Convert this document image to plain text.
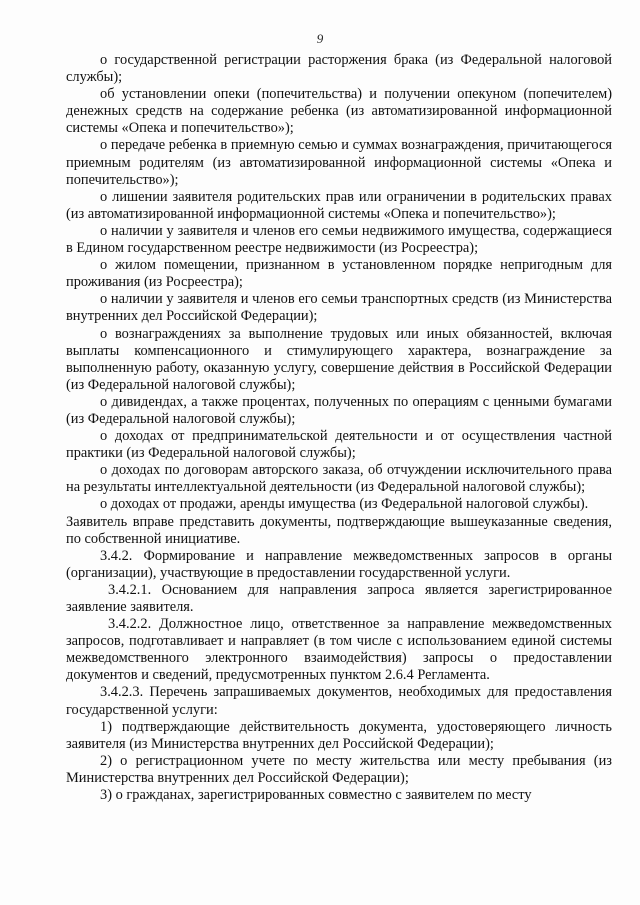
9

о государственной регистрации расторжения брака (из Федеральной налоговой службы);

об установлении опеки (попечительства) и получении опекуном (попечителем) денежных средств на содержание ребенка (из автоматизированной информационной системы «Опека и попечительство»);

о передаче ребенка в приемную семью и суммах вознаграждения, причитающегося приемным родителям (из автоматизированной информационной системы «Опека и попечительство»);

о лишении заявителя родительских прав или ограничении в родительских правах (из автоматизированной информационной системы «Опека и попечительство»);

о наличии у заявителя и членов его семьи недвижимого имущества, содержащиеся в Едином государственном реестре недвижимости (из Росреестра);

о жилом помещении, признанном в установленном порядке непригодным для проживания (из Росреестра);

о наличии у заявителя и членов его семьи транспортных средств (из Министерства внутренних дел Российской Федерации);

о вознаграждениях за выполнение трудовых или иных обязанностей, включая выплаты компенсационного и стимулирующего характера, вознаграждение за выполненную работу, оказанную услугу, совершение действия в Российской Федерации (из Федеральной налоговой службы);

о дивидендах, а также процентах, полученных по операциям с ценными бумагами (из Федеральной налоговой службы);

о доходах от предпринимательской деятельности и от осуществления частной практики (из Федеральной налоговой службы);

о доходах по договорам авторского заказа, об отчуждении исключительного права на результаты интеллектуальной деятельности (из Федеральной налоговой службы);

о доходах от продажи, аренды имущества (из Федеральной налоговой службы).

Заявитель вправе представить документы, подтверждающие вышеуказанные сведения, по собственной инициативе.

3.4.2. Формирование и направление межведомственных запросов в органы (организации), участвующие в предоставлении государственной услуги.

3.4.2.1. Основанием для направления запроса является зарегистрированное заявление заявителя.

3.4.2.2. Должностное лицо, ответственное за направление межведомственных запросов, подготавливает и направляет (в том числе с использованием единой системы межведомственного электронного взаимодействия) запросы о предоставлении документов и сведений, предусмотренных пунктом 2.6.4 Регламента.

3.4.2.3. Перечень запрашиваемых документов, необходимых для предоставления государственной услуги:

1) подтверждающие действительность документа, удостоверяющего личность заявителя (из Министерства внутренних дел Российской Федерации);

2) о регистрационном учете по месту жительства или месту пребывания (из Министерства внутренних дел Российской Федерации);

3) о гражданах, зарегистрированных совместно с заявителем по месту
